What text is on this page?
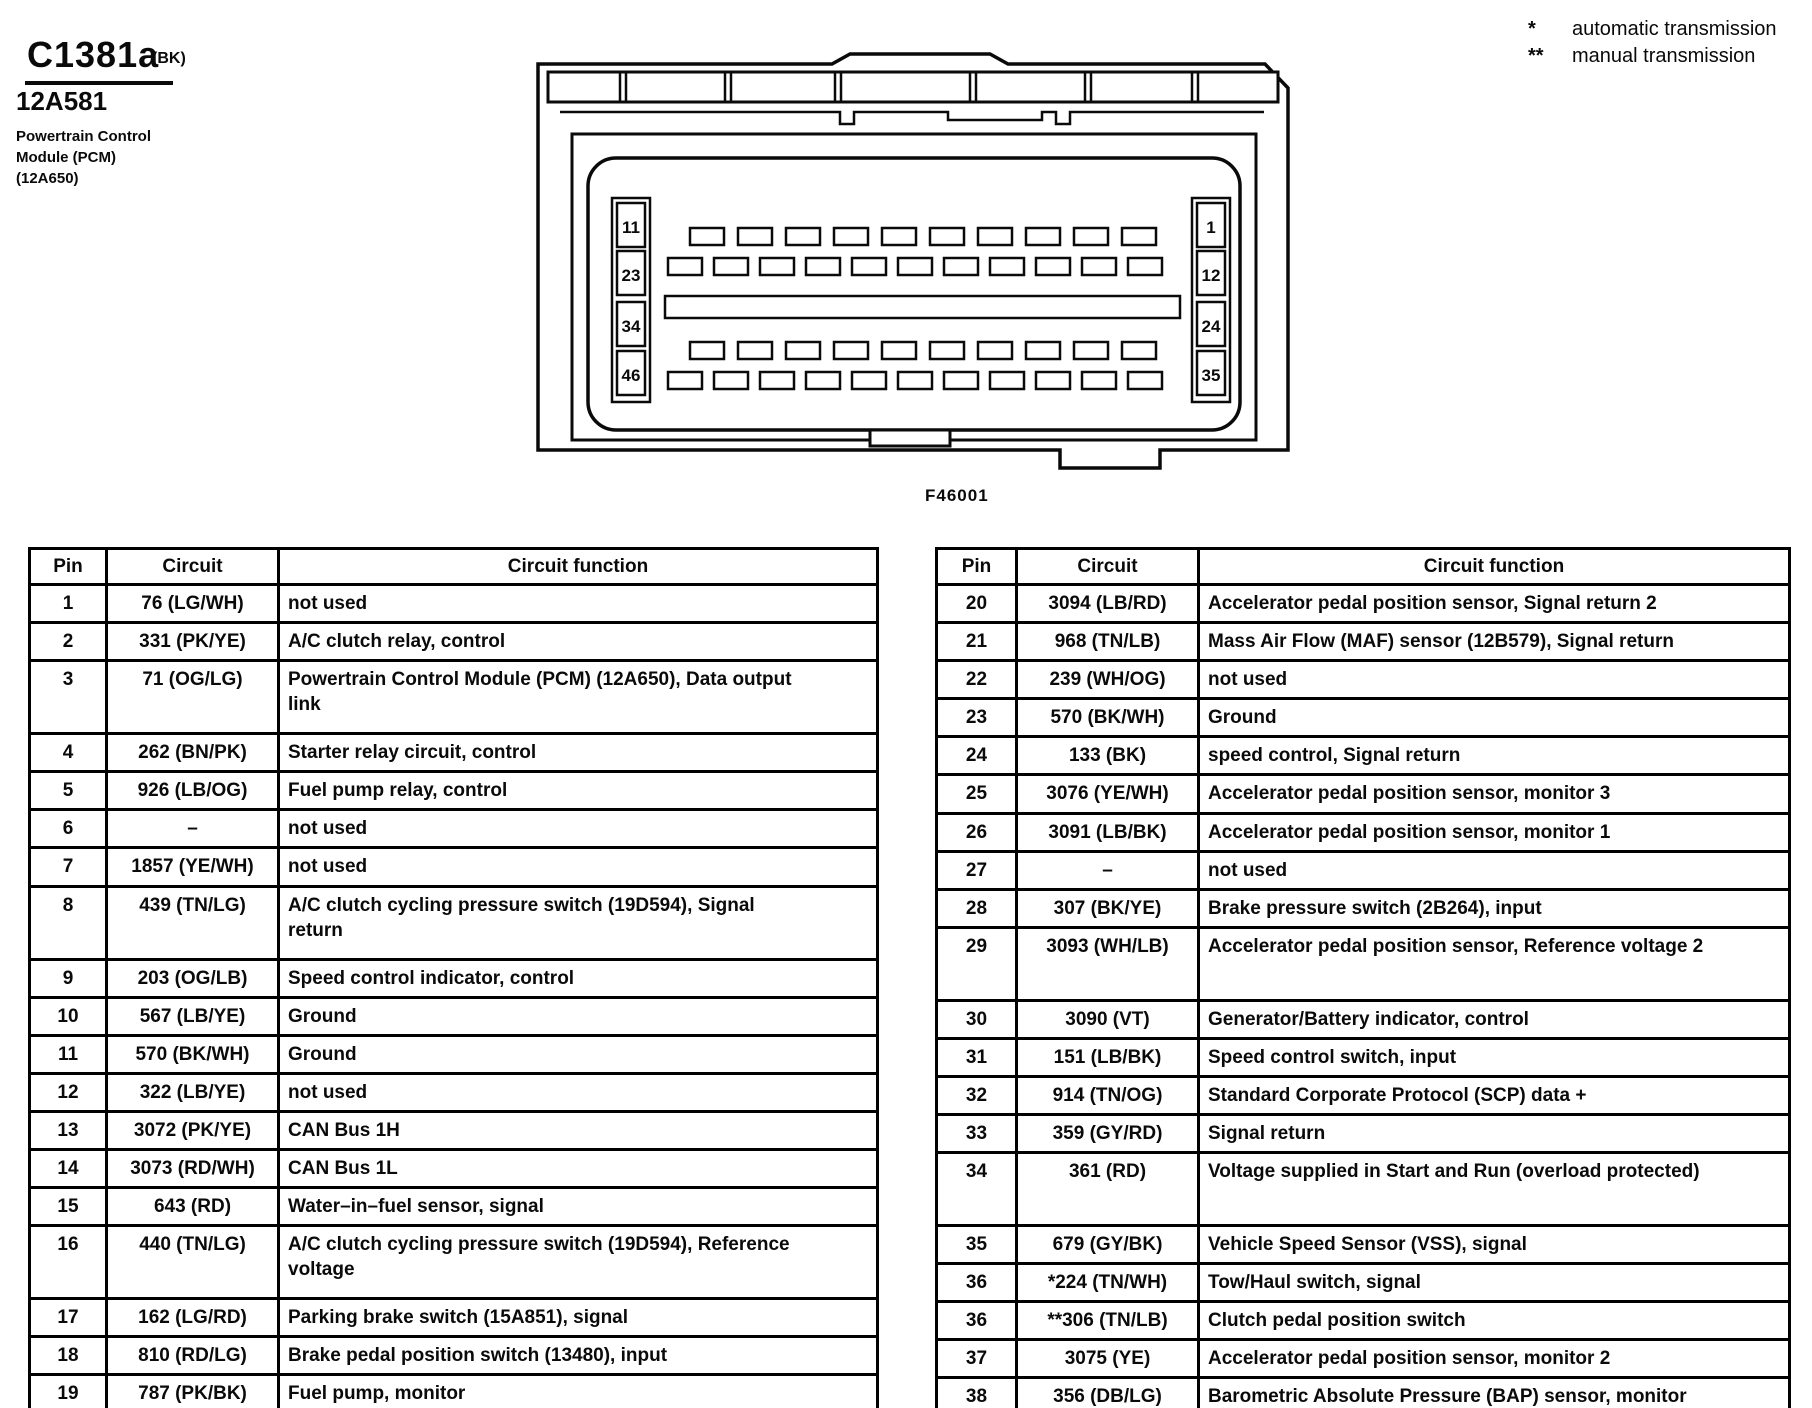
C1381a
(BK)
12A581
Powertrain Control
Module (PCM)
(12A650)
*	automatic transmission
**	manual transmission
11
23
34
46
1
12
24
35
F46001
Pin	Circuit	Circuit function
1	76 (LG/WH)	not used
2	331 (PK/YE)	A/C clutch relay, control
3	71 (OG/LG)	Powertrain Control Module (PCM) (12A650), Data output link
4	262 (BN/PK)	Starter relay circuit, control
5	926 (LB/OG)	Fuel pump relay, control
6	–	not used
7	1857 (YE/WH)	not used
8	439 (TN/LG)	A/C clutch cycling pressure switch (19D594), Signal return
9	203 (OG/LB)	Speed control indicator, control
10	567 (LB/YE)	Ground
11	570 (BK/WH)	Ground
12	322 (LB/YE)	not used
13	3072 (PK/YE)	CAN Bus 1H
14	3073 (RD/WH)	CAN Bus 1L
15	643 (RD)	Water–in–fuel sensor, signal
16	440 (TN/LG)	A/C clutch cycling pressure switch (19D594), Reference voltage
17	162 (LG/RD)	Parking brake switch (15A851), signal
18	810 (RD/LG)	Brake pedal position switch (13480), input
19	787 (PK/BK)	Fuel pump, monitor
Pin	Circuit	Circuit function
20	3094 (LB/RD)	Accelerator pedal position sensor, Signal return 2
21	968 (TN/LB)	Mass Air Flow (MAF) sensor (12B579), Signal return
22	239 (WH/OG)	not used
23	570 (BK/WH)	Ground
24	133 (BK)	speed control, Signal return
25	3076 (YE/WH)	Accelerator pedal position sensor, monitor 3
26	3091 (LB/BK)	Accelerator pedal position sensor, monitor 1
27	–	not used
28	307 (BK/YE)	Brake pressure switch (2B264), input
29	3093 (WH/LB)	Accelerator pedal position sensor, Reference voltage 2
30	3090 (VT)	Generator/Battery indicator, control
31	151 (LB/BK)	Speed control switch, input
32	914 (TN/OG)	Standard Corporate Protocol (SCP) data +
33	359 (GY/RD)	Signal return
34	361 (RD)	Voltage supplied in Start and Run (overload protected)
35	679 (GY/BK)	Vehicle Speed Sensor (VSS), signal
36	*224 (TN/WH)	Tow/Haul switch, signal
36	**306 (TN/LB)	Clutch pedal position switch
37	3075 (YE)	Accelerator pedal position sensor, monitor 2
38	356 (DB/LG)	Barometric Absolute Pressure (BAP) sensor, monitor
